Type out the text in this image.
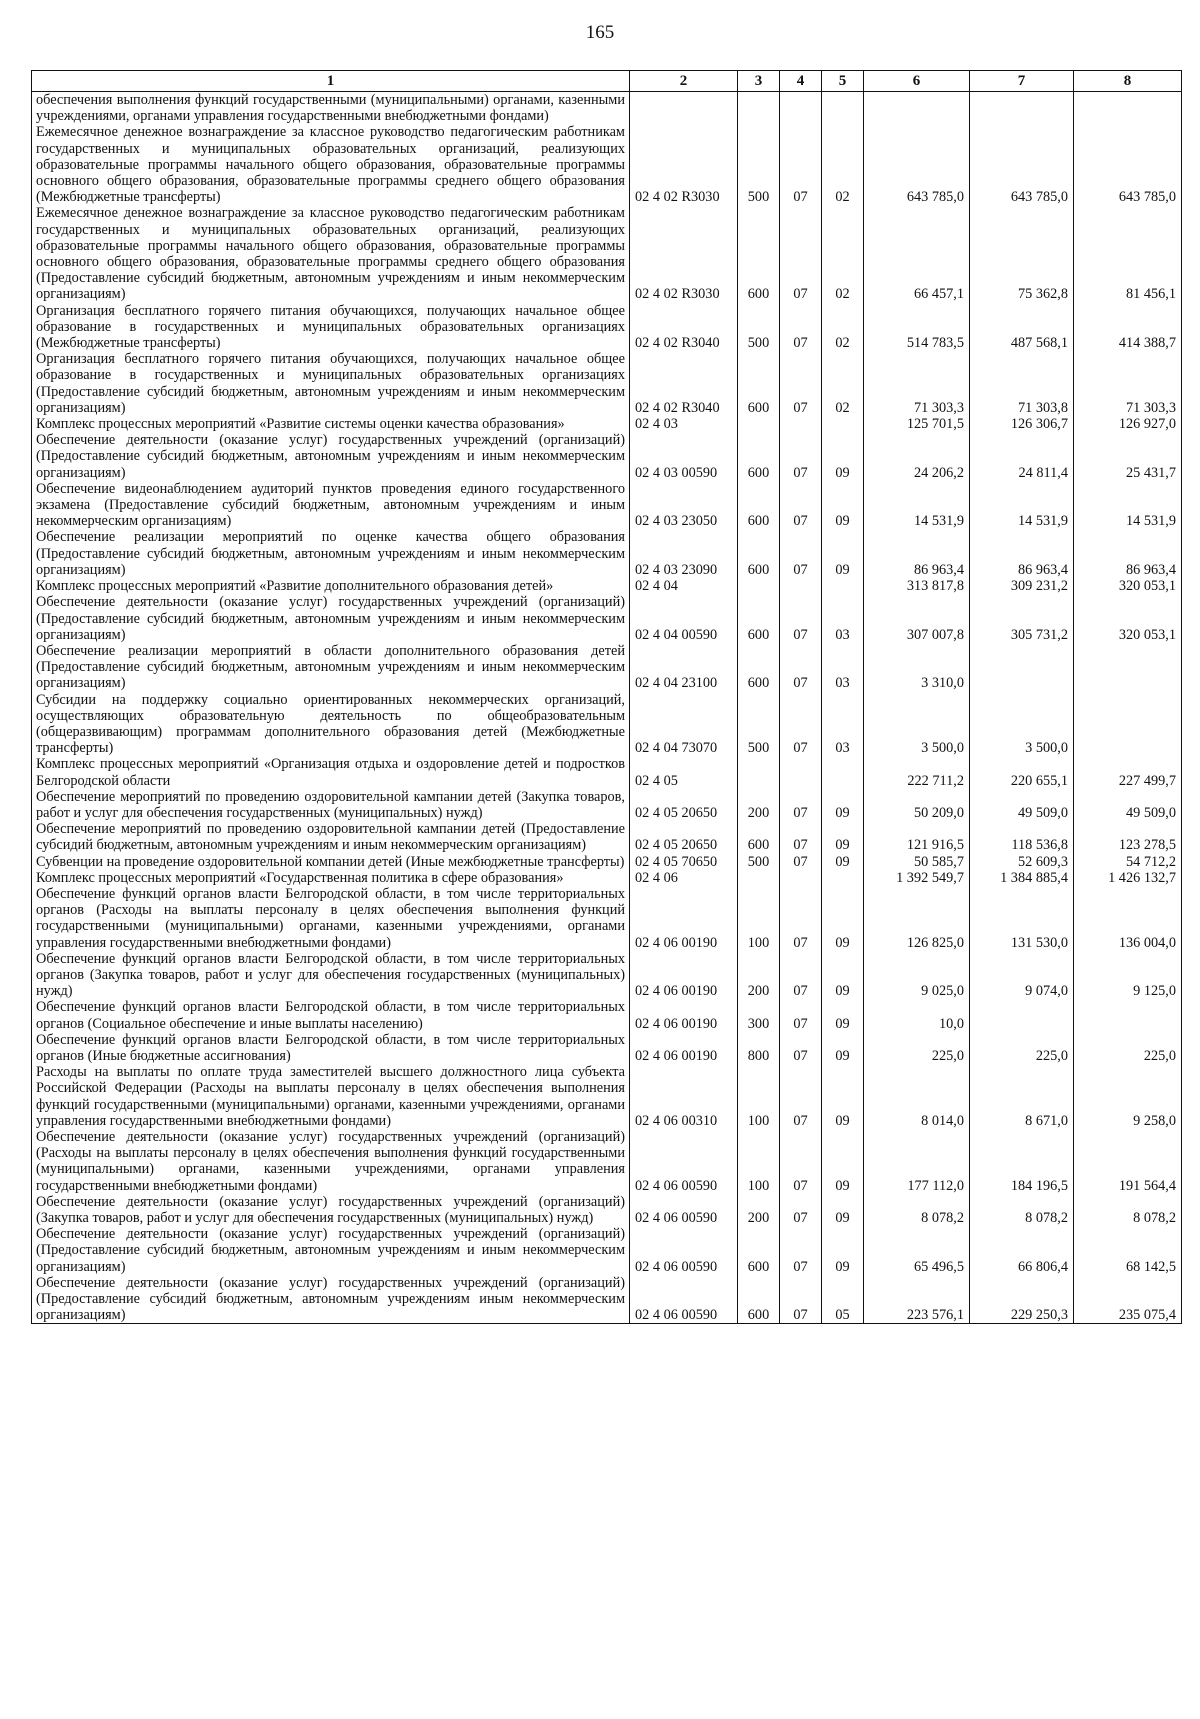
165
1	2	3	4	5	6	7	8
обеспечения выполнения функций государственными (муниципальными) органами, казенными учреждениями, органами управления государственными внебюджетными фондами)							
Ежемесячное денежное вознаграждение за классное руководство педагогическим работникам государственных и муниципальных образовательных организаций, реализующих образовательные программы начального общего образования, образовательные программы основного общего образования, образовательные программы среднего общего образования (Межбюджетные трансферты)	02 4 02 R3030	500	07	02	643 785,0	643 785,0	643 785,0
Ежемесячное денежное вознаграждение за классное руководство педагогическим работникам государственных и муниципальных образовательных организаций, реализующих образовательные программы начального общего образования, образовательные программы основного общего образования, образовательные программы среднего общего образования (Предоставление субсидий бюджетным, автономным учреждениям и иным некоммерческим организациям)	02 4 02 R3030	600	07	02	66 457,1	75 362,8	81 456,1
Организация бесплатного горячего питания обучающихся, получающих начальное общее образование в государственных и муниципальных образовательных организациях (Межбюджетные трансферты)	02 4 02 R3040	500	07	02	514 783,5	487 568,1	414 388,7
Организация бесплатного горячего питания обучающихся, получающих начальное общее образование в государственных и муниципальных образовательных организациях (Предоставление субсидий бюджетным, автономным учреждениям и иным некоммерческим организациям)	02 4 02 R3040	600	07	02	71 303,3	71 303,8	71 303,3
Комплекс процессных мероприятий «Развитие системы оценки качества образования»	02 4 03				125 701,5	126 306,7	126 927,0
Обеспечение деятельности (оказание услуг) государственных учреждений (организаций) (Предоставление субсидий бюджетным, автономным учреждениям и иным некоммерческим организациям)	02 4 03 00590	600	07	09	24 206,2	24 811,4	25 431,7
Обеспечение видеонаблюдением аудиторий пунктов проведения единого государственного экзамена (Предоставление субсидий бюджетным, автономным учреждениям и иным некоммерческим организациям)	02 4 03 23050	600	07	09	14 531,9	14 531,9	14 531,9
Обеспечение реализации мероприятий по оценке качества общего образования (Предоставление субсидий бюджетным, автономным учреждениям и иным некоммерческим организациям)	02 4 03 23090	600	07	09	86 963,4	86 963,4	86 963,4
Комплекс процессных мероприятий «Развитие дополнительного образования детей»	02 4 04				313 817,8	309 231,2	320 053,1
Обеспечение деятельности (оказание услуг) государственных учреждений (организаций) (Предоставление субсидий бюджетным, автономным учреждениям и иным некоммерческим организациям)	02 4 04 00590	600	07	03	307 007,8	305 731,2	320 053,1
Обеспечение реализации мероприятий в области дополнительного образования детей (Предоставление субсидий бюджетным, автономным учреждениям и иным некоммерческим организациям)	02 4 04 23100	600	07	03	3 310,0		
Субсидии на поддержку социально ориентированных некоммерческих организаций, осуществляющих образовательную деятельность по общеобразовательным (общеразвивающим) программам дополнительного образования детей (Межбюджетные трансферты)	02 4 04 73070	500	07	03	3 500,0	3 500,0	
Комплекс процессных мероприятий «Организация отдыха и оздоровление детей и подростков Белгородской области	02 4 05				222 711,2	220 655,1	227 499,7
Обеспечение мероприятий по проведению оздоровительной кампании детей (Закупка товаров, работ и услуг для обеспечения государственных (муниципальных) нужд)	02 4 05 20650	200	07	09	50 209,0	49 509,0	49 509,0
Обеспечение мероприятий по проведению оздоровительной кампании детей (Предоставление субсидий бюджетным, автономным учреждениям и иным некоммерческим организациям)	02 4 05 20650	600	07	09	121 916,5	118 536,8	123 278,5
Субвенции на проведение оздоровительной компании детей (Иные межбюджетные трансферты)	02 4 05 70650	500	07	09	50 585,7	52 609,3	54 712,2
Комплекс процессных мероприятий «Государственная политика в сфере образования»	02 4 06				1 392 549,7	1 384 885,4	1 426 132,7
Обеспечение функций органов власти Белгородской области, в том числе территориальных органов (Расходы на выплаты персоналу в целях обеспечения выполнения функций государственными (муниципальными) органами, казенными учреждениями, органами управления государственными внебюджетными фондами)	02 4 06 00190	100	07	09	126 825,0	131 530,0	136 004,0
Обеспечение функций органов власти Белгородской области, в том числе территориальных органов (Закупка товаров, работ и услуг для обеспечения государственных (муниципальных) нужд)	02 4 06 00190	200	07	09	9 025,0	9 074,0	9 125,0
Обеспечение функций органов власти Белгородской области, в том числе территориальных органов (Социальное обеспечение и иные выплаты населению)	02 4 06 00190	300	07	09	10,0		
Обеспечение функций органов власти Белгородской области, в том числе территориальных органов (Иные бюджетные ассигнования)	02 4 06 00190	800	07	09	225,0	225,0	225,0
Расходы на выплаты по оплате труда заместителей высшего должностного лица субъекта Российской Федерации (Расходы на выплаты персоналу в целях обеспечения выполнения функций государственными (муниципальными) органами, казенными учреждениями, органами управления государственными внебюджетными фондами)	02 4 06 00310	100	07	09	8 014,0	8 671,0	9 258,0
Обеспечение деятельности (оказание услуг) государственных учреждений (организаций) (Расходы на выплаты персоналу в целях обеспечения выполнения функций государственными (муниципальными) органами, казенными учреждениями, органами управления государственными внебюджетными фондами)	02 4 06 00590	100	07	09	177 112,0	184 196,5	191 564,4
Обеспечение деятельности (оказание услуг) государственных учреждений (организаций) (Закупка товаров, работ и услуг для обеспечения государственных (муниципальных) нужд)	02 4 06 00590	200	07	09	8 078,2	8 078,2	8 078,2
Обеспечение деятельности (оказание услуг) государственных учреждений (организаций) (Предоставление субсидий бюджетным, автономным учреждениям и иным некоммерческим организациям)	02 4 06 00590	600	07	09	65 496,5	66 806,4	68 142,5
Обеспечение деятельности (оказание услуг) государственных учреждений (организаций) (Предоставление субсидий бюджетным, автономным учреждениям иным некоммерческим организациям)	02 4 06 00590	600	07	05	223 576,1	229 250,3	235 075,4
